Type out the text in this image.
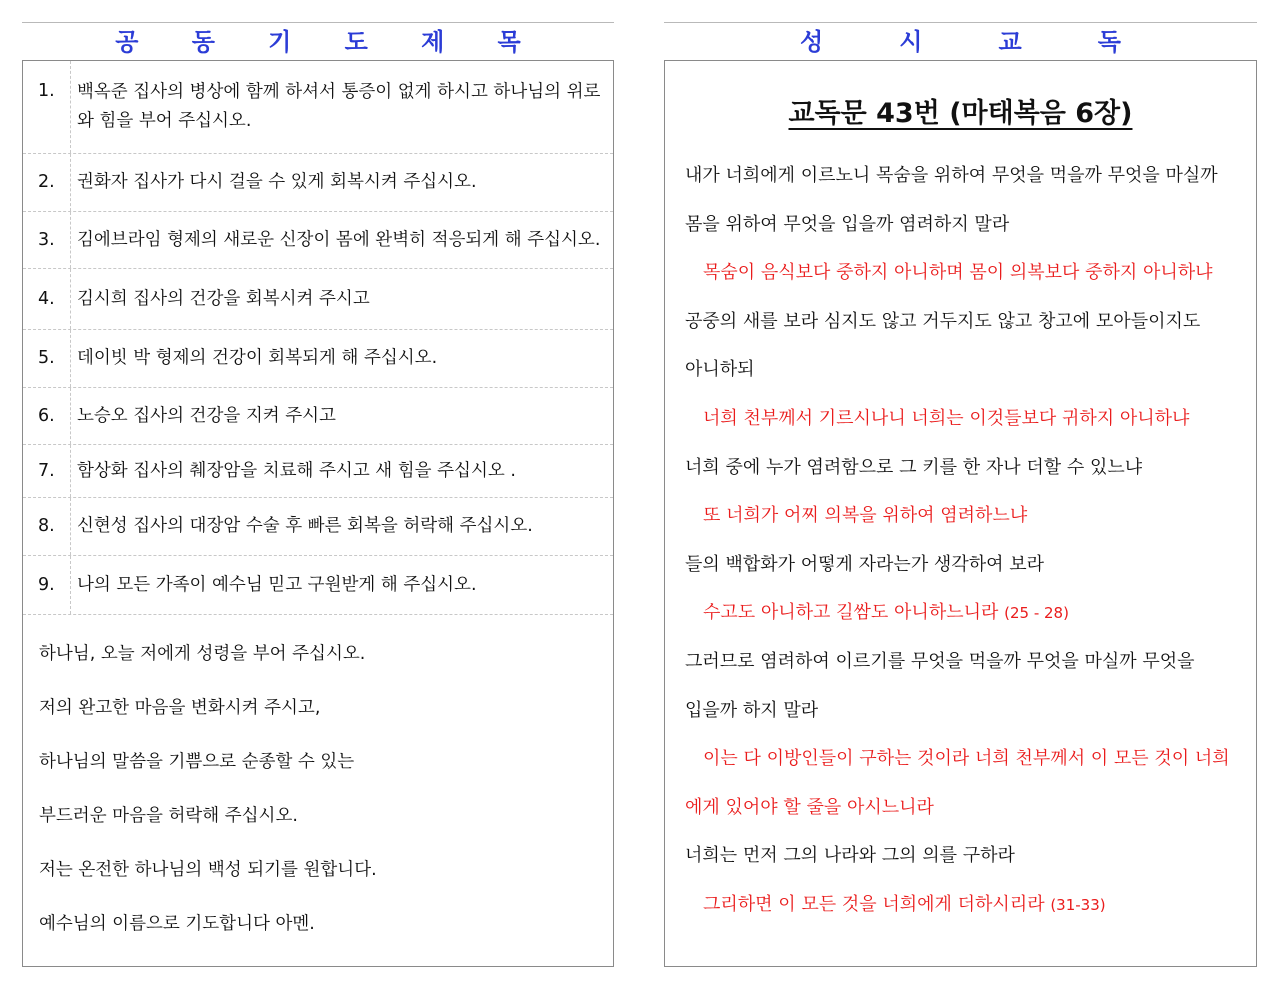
공 동 기 도 제 목
1.	백옥준 집사의 병상에 함께 하셔서 통증이 없게 하시고 하나님의 위로와 힘을 부어 주십시오.
2.	권화자 집사가 다시 걸을 수 있게 회복시켜 주십시오.
3.	김에브라임 형제의 새로운 신장이 몸에 완벽히 적응되게 해 주십시오.
4.	김시희 집사의 건강을 회복시켜 주시고
5.	데이빗 박 형제의 건강이 회복되게 해 주십시오.
6.	노승오 집사의 건강을 지켜 주시고
7.	함상화 집사의 췌장암을 치료해 주시고 새 힘을 주십시오 .
8.	신현성 집사의 대장암 수술 후 빠른 회복을 허락해 주십시오.
9.	나의 모든 가족이 예수님 믿고 구원받게 해 주십시오.

하나님, 오늘 저에게 성령을 부어 주십시오.

저의 완고한 마음을 변화시켜 주시고,

하나님의 말씀을 기쁨으로 순종할 수 있는

부드러운 마음을 허락해 주십시오.

저는 온전한 하나님의 백성 되기를 원합니다.

예수님의 이름으로 기도합니다 아멘.

성	시	교	독
교독문 43번 (마태복음 6장)

내가 너희에게 이르노니 목숨을 위하여 무엇을 먹을까 무엇을 마실까

몸을 위하여 무엇을 입을까 염려하지 말라

목숨이 음식보다 중하지 아니하며 몸이 의복보다 중하지 아니하냐

공중의 새를 보라 심지도 않고 거두지도 않고 창고에 모아들이지도

아니하되

너희 천부께서 기르시나니 너희는 이것들보다 귀하지 아니하냐

너희 중에 누가 염려함으로 그 키를 한 자나 더할 수 있느냐

또 너희가 어찌 의복을 위하여 염려하느냐

들의 백합화가 어떻게 자라는가 생각하여 보라

수고도 아니하고 길쌈도 아니하느니라 (25 - 28)

그러므로 염려하여 이르기를 무엇을 먹을까 무엇을 마실까 무엇을

입을까 하지 말라

이는 다 이방인들이 구하는 것이라 너희 천부께서 이 모든 것이 너희

에게 있어야 할 줄을 아시느니라

너희는 먼저 그의 나라와 그의 의를 구하라

그리하면 이 모든 것을 너희에게 더하시리라 (31-33)
